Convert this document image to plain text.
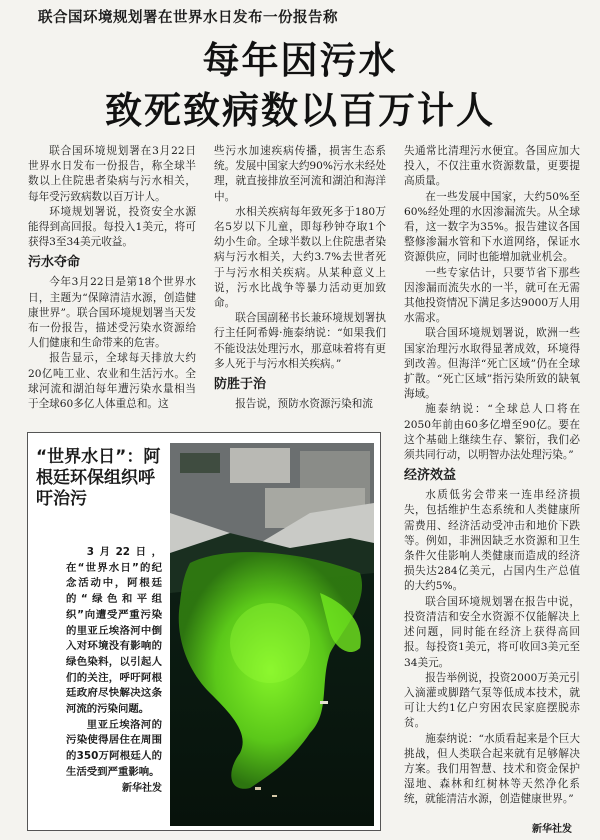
联合国环境规划署在世界水日发布一份报告称
每年因污水
致死致病数以百万计人

联合国环境规划署在3月22日世界水日发布一份报告，称全球半数以上住院患者染病与污水相关，每年受污致病数以百万计人。

环境规划署说，投资安全水源能得到高回报。每投入1美元，将可获得3至34美元收益。

污水夺命

今年3月22日是第18个世界水日，主题为“保障清洁水源，创造健康世界”。联合国环境规划署当天发布一份报告，描述受污染水资源给人们健康和生命带来的危害。

报告显示，全球每天排放大约20亿吨工业、农业和生活污水。全球河流和湖泊每年遭污染水量相当于全球60多亿人体重总和。这

些污水加速疾病传播，损害生态系统。发展中国家大约90%污水未经处理，就直接排放至河流和湖泊和海洋中。

水相关疾病每年致死多于180万名5岁以下儿童，即每秒钟夺取1个幼小生命。全球半数以上住院患者染病与污水相关，大约3.7%去世者死于与污水相关疾病。从某种意义上说，污水比战争等暴力活动更加致命。

联合国副秘书长兼环境规划署执行主任阿希姆·施泰纳说：“如果我们不能设法处理污水，那意味着将有更多人死于与污水相关疾病。”

防胜于治

报告说，预防水资源污染和流

失通常比清理污水便宜。各国应加大投入，不仅注重水资源数量，更要提高质量。

在一些发展中国家，大约50%至60%经处理的水因渗漏流失。从全球看，这一数字为35%。报告建议各国整修渗漏水管和下水道网络，保证水资源供应，同时也能增加就业机会。

一些专家估计，只要节省下那些因渗漏而流失水的一半，就可在无需其他投资情况下满足多达9000万人用水需求。

联合国环境规划署说，欧洲一些国家治理污水取得显著成效，环境得到改善。但海洋“死亡区域”仍在全球扩散。“死亡区域”指污染所致的缺氧海域。

施泰纳说：“全球总人口将在2050年前由60多亿增至90亿。要在这个基础上继续生存、繁衍，我们必须共同行动，以明智办法处理污染。”

经济效益

水质低劣会带来一连串经济损失，包括维护生态系统和人类健康所需费用、经济活动受冲击和地价下跌等。例如，非洲因缺乏水资源和卫生条件欠佳影响人类健康而造成的经济损失达284亿美元，占国内生产总值的大约5%。

联合国环境规划署在报告中说，投资清洁和安全水资源不仅能解决上述问题，同时能在经济上获得高回报。每投资1美元，将可收回3美元至34美元。

报告举例说，投资2000万美元引入滴灌或脚踏气泵等低成本技术，就可让大约1亿户穷困农民家庭摆脱赤贫。

施泰纳说：“水质看起来是个巨大挑战，但人类联合起来就有足够解决方案。我们用智慧、技术和资金保护湿地、森林和红树林等天然净化系统，就能清洁水源，创造健康世界。”

新华社发
“世界水日”：阿根廷环保组织呼吁治污

3月22日，在“世界水日”的纪念活动中，阿根廷的“绿色和平组织”向遭受严重污染的里亚丘埃洛河中倒入对环境没有影响的绿色染料，以引起人们的关注，呼吁阿根廷政府尽快解决这条河流的污染问题。

里亚丘埃洛河的污染使得居住在周围的350万阿根廷人的生活受到严重影响。

新华社发
